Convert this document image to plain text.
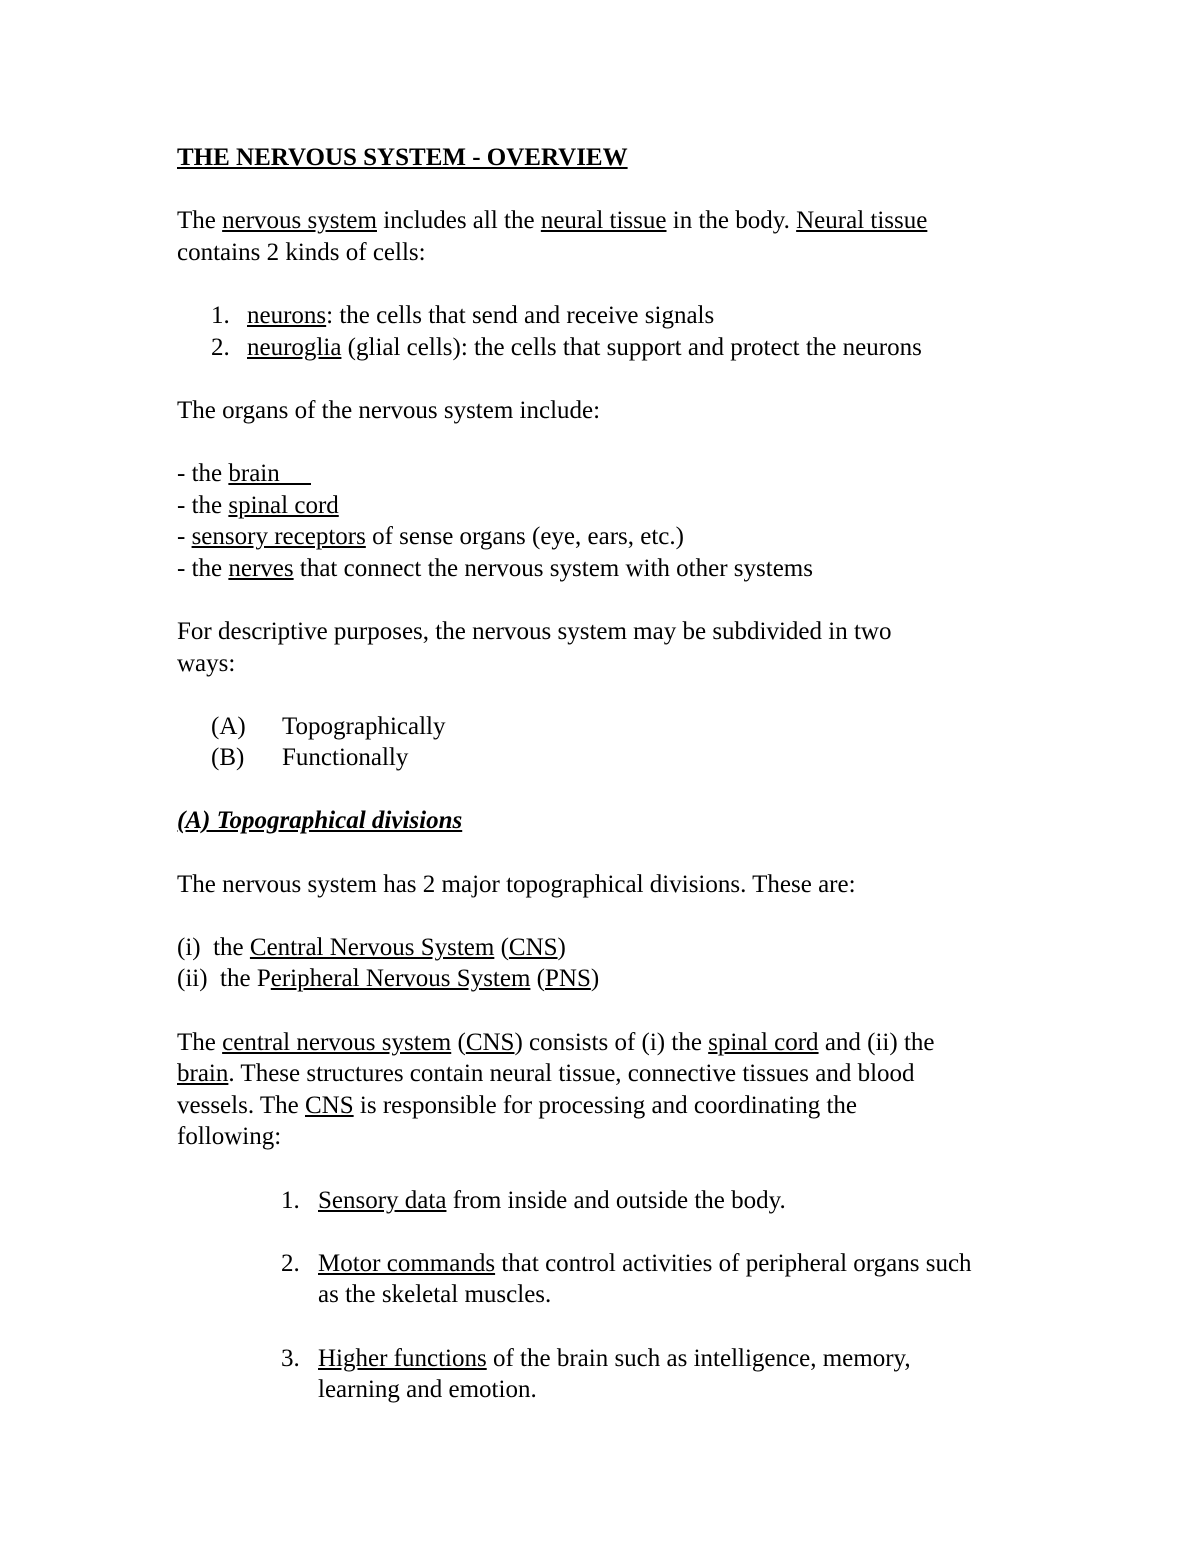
THE NERVOUS SYSTEM - OVERVIEW
The nervous system includes all the neural tissue in the body. Neural tissue
contains 2 kinds of cells:
1. neurons: the cells that send and receive signals
2. neuroglia (glial cells): the cells that support and protect the neurons
The organs of the nervous system include:
- the brain
- the spinal cord
- sensory receptors of sense organs (eye, ears, etc.)
- the nerves that connect the nervous system with other systems
For descriptive purposes, the nervous system may be subdivided in two
ways:
(A) Topographically
(B) Functionally
(A) Topographical divisions
The nervous system has 2 major topographical divisions. These are:
(i)  the Central Nervous System (CNS)
(ii)  the Peripheral Nervous System (PNS)
The central nervous system (CNS) consists of (i) the spinal cord and (ii) the
brain. These structures contain neural tissue, connective tissues and blood
vessels. The CNS is responsible for processing and coordinating the
following:
1. Sensory data from inside and outside the body.
2. Motor commands that control activities of peripheral organs such as the skeletal muscles.
3. Higher functions of the brain such as intelligence, memory, learning and emotion.
